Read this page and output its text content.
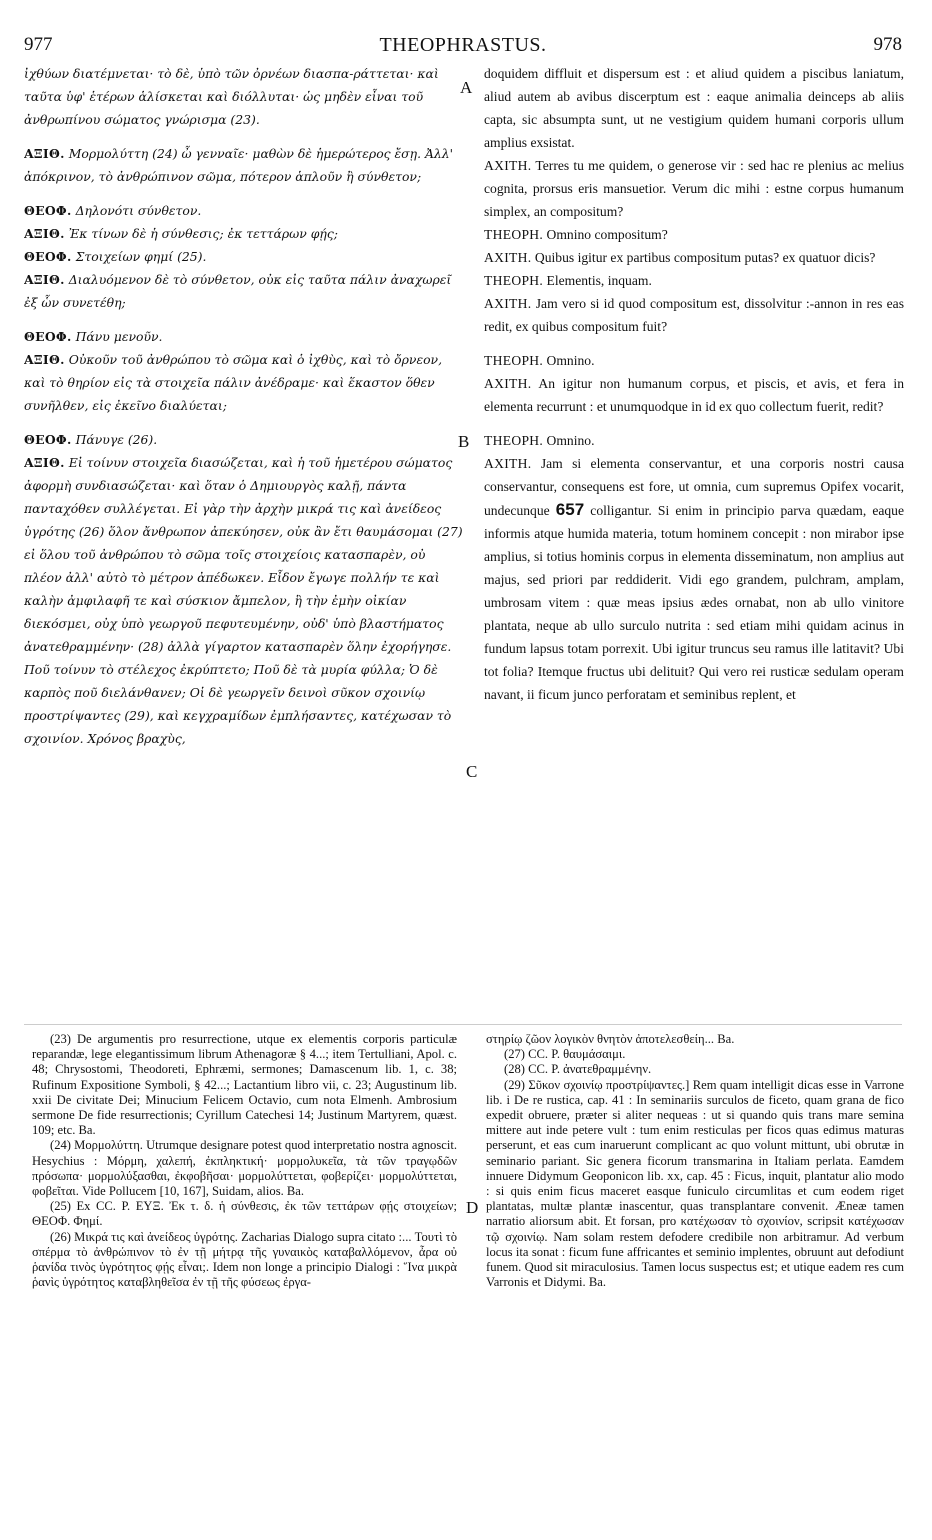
977	THEOPHRASTUS.	978

ἰχθύων διατέμνεται· τὸ δὲ, ὑπὸ τῶν ὀρνέων διασπα-ράττεται· καὶ ταῦτα ὑφ' ἑτέρων ἁλίσκεται καὶ διόλλυται· ὡς μηδὲν εἶναι τοῦ ἀνθρωπίνου σώματος γνώρισμα (23).

ΑΞΙΘ. Μορμολύττη (24) ὦ γενναῖε· μαθὼν δὲ ἡμερώτερος ἔσῃ. Ἀλλ' ἀπόκρινον, τὸ ἀνθρώπινον σῶμα, πότερον ἁπλοῦν ἢ σύνθετον;

ΘΕΟΦ. Δηλονότι σύνθετον.

ΑΞΙΘ. Ἐκ τίνων δὲ ἡ σύνθεσις; ἐκ τεττάρων φῄς;

ΘΕΟΦ. Στοιχείων φημί (25).

ΑΞΙΘ. Διαλυόμενον δὲ τὸ σύνθετον, οὐκ εἰς ταῦτα πάλιν ἀναχωρεῖ ἐξ ὧν συνετέθη;

ΘΕΟΦ. Πάνυ μενοῦν.

ΑΞΙΘ. Οὐκοῦν τοῦ ἀνθρώπου τὸ σῶμα καὶ ὁ ἰχθὺς, καὶ τὸ ὄρνεον, καὶ τὸ θηρίον εἰς τὰ στοιχεῖα πάλιν ἀνέδραμε· καὶ ἕκαστον ὅθεν συνῆλθεν, εἰς ἐκεῖνο διαλύεται;

ΘΕΟΦ. Πάνυγε (26).

ΑΞΙΘ. Εἰ τοίνυν στοιχεῖα διασώζεται, καὶ ἡ τοῦ ἡμετέρου σώματος ἀφορμὴ συνδιασώζεται· καὶ ὅταν ὁ Δημιουργὸς καλῇ, πάντα πανταχόθεν συλλέγεται. Εἰ γὰρ τὴν ἀρχὴν μικρά τις καὶ ἀνείδεος ὑγρότης (26) ὅλον ἄνθρωπον ἀπεκύησεν, οὐκ ἂν ἔτι θαυμάσομαι (27) εἰ ὅλου τοῦ ἀνθρώπου τὸ σῶμα τοῖς στοιχείοις κατασπαρὲν, οὐ πλέον ἀλλ' αὐτὸ τὸ μέτρον ἀπέδωκεν. Εἶδον ἔγωγε πολλήν τε καὶ καλὴν ἀμφιλαφῆ τε καὶ σύσκιον ἄμπελον, ἣ τὴν ἐμὴν οἰκίαν διεκόσμει, οὐχ ὑπὸ γεωργοῦ πεφυτευμένην, οὐδ' ὑπὸ βλαστήματος ἀνατεθραμμένην· (28) ἀλλὰ γίγαρτον κατασπαρὲν ὅλην ἐχορήγησε. Ποῦ τοίνυν τὸ στέλεχος ἐκρύπτετο; Ποῦ δὲ τὰ μυρία φύλλα; Ὁ δὲ καρπὸς ποῦ διελάνθανεν; Οἱ δὲ γεωργεῖν δεινοὶ σῦκον σχοινίῳ προστρίψαντες (29), καὶ κεγχραμίδων ἐμπλήσαντες, κατέχωσαν τὸ σχοινίον. Χρόνος βραχὺς,

A
B
C
D

doquidem diffluit et dispersum est : et aliud quidem a piscibus laniatum, aliud autem ab avibus discerptum est : eaque animalia deinceps ab aliis capta, sic absumpta sunt, ut ne vestigium quidem humani corporis ullum amplius exsistat.

AXITH. Terres tu me quidem, o generose vir : sed hac re plenius ac melius cognita, prorsus eris mansuetior. Verum dic mihi : estne corpus humanum simplex, an compositum?

THEOPH. Omnino compositum?

AXITH. Quibus igitur ex partibus compositum putas? ex quatuor dicis?

THEOPH. Elementis, inquam.

AXITH. Jam vero si id quod compositum est, dissolvitur :-annon in res eas redit, ex quibus compositum fuit?

THEOPH. Omnino.

AXITH. An igitur non humanum corpus, et piscis, et avis, et fera in elementa recurrunt : et unumquodque in id ex quo collectum fuerit, redit?

THEOPH. Omnino.

AXITH. Jam si elementa conservantur, et una corporis nostri causa conservantur, consequens est fore, ut omnia, cum supremus Opifex vocarit, undecunque 657 colligantur. Si enim in principio parva quædam, eaque informis atque humida materia, totum hominem concepit : non mirabor ipse amplius, si totius hominis corpus in elementa disseminatum, non amplius aut majus, sed priori par reddiderit. Vidi ego grandem, pulchram, amplam, umbrosam vitem : quæ meas ipsius ædes ornabat, non ab ullo vinitore plantata, neque ab ullo surculo nutrita : sed etiam mihi quidam acinus in fundum lapsus totam porrexit. Ubi igitur truncus seu ramus ille latitavit? Ubi tot folia? Itemque fructus ubi delituit? Qui vero rei rusticæ sedulam operam navant, ii ficum junco perforatam et seminibus replent, et

(23) De argumentis pro resurrectione, utque ex elementis corporis particulæ reparandæ, lege elegantissimum librum Athenagoræ § 4...; item Tertulliani, Apol. c. 48; Chrysostomi, Theodoreti, Ephræmi, sermones; Damascenum lib. 1, c. 38; Rufinum Expositione Symboli, § 42...; Lactantium libro vii, c. 23; Augustinum lib. xxii De civitate Dei; Minucium Felicem Octavio, cum nota Elmenh. Ambrosium sermone De fide resurrectionis; Cyrillum Catechesi 14; Justinum Martyrem, quæst. 109; etc. Ba.

(24) Μορμολύττη. Utrumque designare potest quod interpretatio nostra agnoscit. Hesychius : Μόρμη, χαλεπή, ἐκπληκτική· μορμολυκεῖα, τὰ τῶν τραγῳδῶν πρόσωπα· μορμολύξασθαι, ἐκφοβῆσαι· μορμολύττεται, φοβερίζει· μορμολύττεται, φοβεῖται. Vide Pollucem [10, 167], Suidam, alios. Ba.

(25) Ex CC. P. ΕΥΞ. Ἐκ τ. δ. ἡ σύνθεσις, ἐκ τῶν τεττάρων φῄς στοιχείων; ΘΕΟΦ. Φημί.

(26) Μικρά τις καὶ ἀνείδεος ὑγρότης. Zacharias Dialogo supra citato :... Τουτὶ τὸ σπέρμα τὸ ἀνθρώπινον τὸ ἐν τῇ μήτρᾳ τῆς γυναικὸς καταβαλλόμενον, ἆρα οὐ ῥανίδα τινὸς ὑγρότητος φῄς εἶναι;. Idem non longe a principio Dialogi : Ἵνα μικρὰ ῥανὶς ὑγρότητος καταβληθεῖσα ἐν τῇ τῆς φύσεως ἐργα-

στηρίῳ ζῶον λογικὸν θνητὸν ἀποτελεσθείη... Ba.

(27) CC. P. θαυμάσαιμι.

(28) CC. P. ἀνατεθραμμένην.

(29) Σῦκον σχοινίῳ προστρίψαντες.] Rem quam intelligit dicas esse in Varrone lib. i De re rustica, cap. 41 : In seminariis surculos de ficeto, quam grana de fico expedit obruere, præter si aliter nequeas : ut si quando quis trans mare semina mittere aut inde petere vult : tum enim resticulas per ficos quas edimus maturas perserunt, et eas cum inaruerunt complicant ac quo volunt mittunt, ubi obrutæ in seminario pariant. Sic genera ficorum transmarina in Italiam perlata. Eamdem innuere Didymum Geoponicon lib. xx, cap. 45 : Ficus, inquit, plantatur alio modo : si quis enim ficus maceret easque funiculo circumlitas et cum eodem riget plantatas, multæ plantæ inascentur, quas transplantare convenit. Æneæ tamen narratio aliorsum abit. Et forsan, pro κατέχωσαν τὸ σχοινίον, scripsit κατέχωσαν τῷ σχοινίῳ. Nam solam restem defodere credibile non arbitramur. Ad verbum locus ita sonat : ficum fune affricantes et seminio implentes, obruunt aut defodiunt funem. Quod sit miraculosius. Tamen locus suspectus est; et utique eadem res cum Varronis et Didymi. Ba.
